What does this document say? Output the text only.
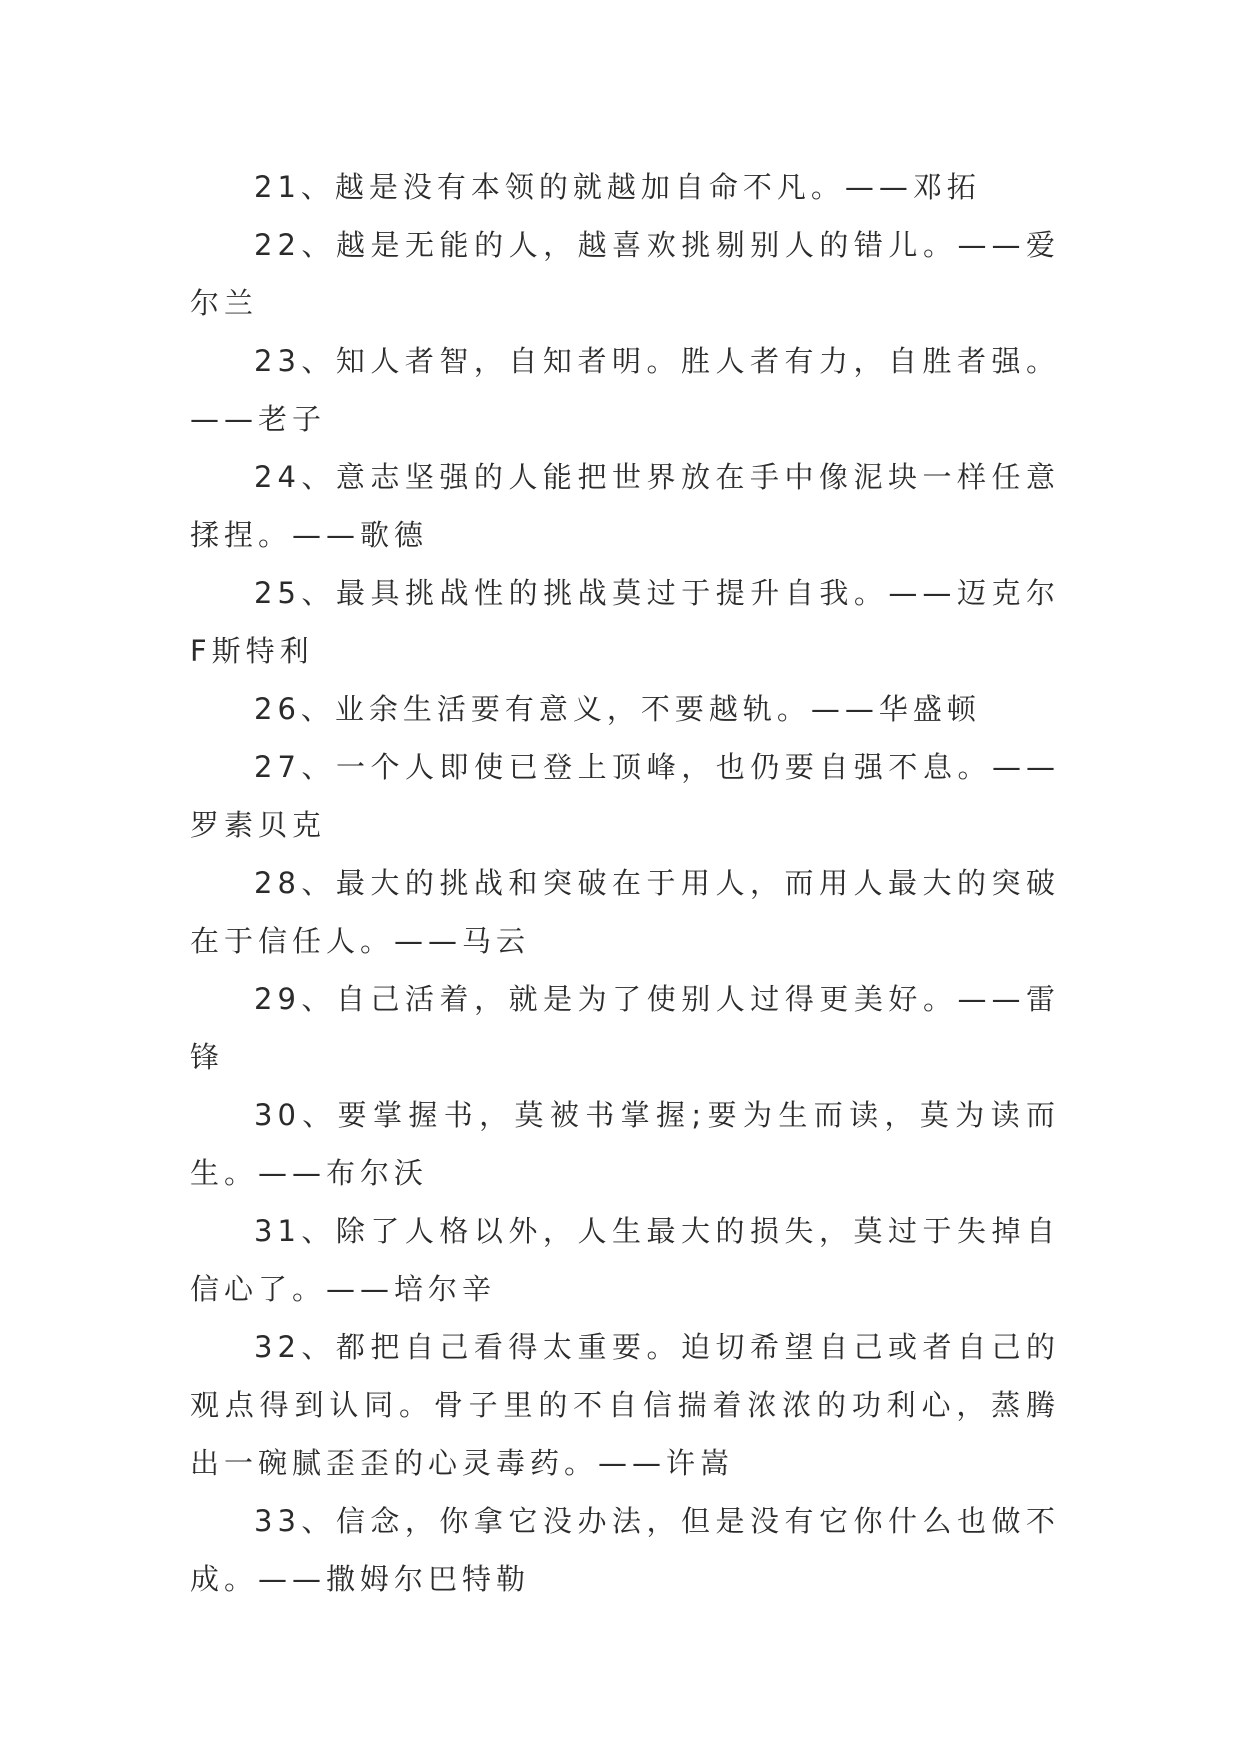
21、越是没有本领的就越加自命不凡。——邓拓

22、越是无能的人，越喜欢挑剔别人的错儿。——爱尔兰

23、知人者智，自知者明。胜人者有力，自胜者强。——老子

24、意志坚强的人能把世界放在手中像泥块一样任意揉捏。——歌德

25、最具挑战性的挑战莫过于提升自我。——迈克尔F斯特利

26、业余生活要有意义，不要越轨。——华盛顿

27、一个人即使已登上顶峰，也仍要自强不息。——罗素贝克

28、最大的挑战和突破在于用人，而用人最大的突破在于信任人。——马云

29、自己活着，就是为了使别人过得更美好。——雷锋

30、要掌握书，莫被书掌握;要为生而读，莫为读而生。——布尔沃

31、除了人格以外，人生最大的损失，莫过于失掉自信心了。——培尔辛

32、都把自己看得太重要。迫切希望自己或者自己的观点得到认同。骨子里的不自信揣着浓浓的功利心，蒸腾出一碗腻歪歪的心灵毒药。——许嵩

33、信念，你拿它没办法，但是没有它你什么也做不成。——撒姆尔巴特勒
